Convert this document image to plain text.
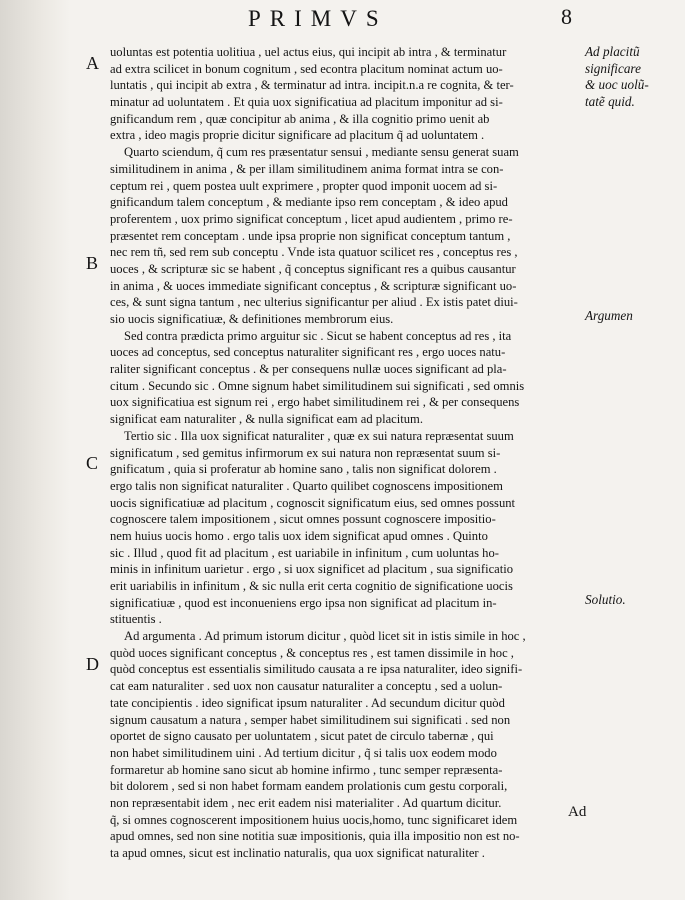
PRIMVS	8
A
B
C
D
Ad placitũ
significare
& uoc uolũ-
tatẽ quid.
Argumen
Solutio.
uoluntas est potentia uolitiua , uel actus eius, qui incipit ab intra , & terminatur
ad extra scilicet in bonum cognitum , sed econtra placitum nominat actum uo-
luntatis , qui incipit ab extra , & terminatur ad intra. incipit.n.a re cognita, & ter-
minatur ad uoluntatem . Et quia uox significatiua ad placitum imponitur ad si-
gnificandum rem , quæ concipitur ab anima , & illa cognitio primo uenit ab
extra , ideo magis proprie dicitur significare ad placitum q̃ ad uoluntatem .
Quarto sciendum, q̃ cum res præsentatur sensui , mediante sensu generat suam
similitudinem in anima , & per illam similitudinem anima format intra se con-
ceptum rei , quem postea uult exprimere , propter quod imponit uocem ad si-
gnificandum talem conceptum , & mediante ipso rem conceptam , & ideo apud
proferentem , uox primo significat conceptum , licet apud audientem , primo re-
præsentet rem conceptam . unde ipsa proprie non significat conceptum tantum ,
nec rem tñ, sed rem sub conceptu . Vnde ista quatuor scilicet res , conceptus res ,
uoces , & scripturæ sic se habent , q̃ conceptus significant res a quibus causantur
in anima , & uoces immediate significant conceptus , & scripturæ significant uo-
ces, & sunt signa tantum , nec ulterius significantur per aliud . Ex istis patet diui-
sio uocis significatiuæ, & definitiones membrorum eius.
Sed contra prædicta primo arguitur sic . Sicut se habent conceptus ad res , ita
uoces ad conceptus, sed conceptus naturaliter significant res , ergo uoces natu-
raliter significant conceptus . & per consequens nullæ uoces significant ad pla-
citum . Secundo sic . Omne signum habet similitudinem sui significati , sed omnis
uox significatiua est signum rei , ergo habet similitudinem rei , & per consequens
significat eam naturaliter , & nulla significat eam ad placitum.
Tertio sic . Illa uox significat naturaliter , quæ ex sui natura repræsentat suum
significatum , sed gemitus infirmorum ex sui natura non repræsentat suum si-
gnificatum , quia si proferatur ab homine sano , talis non significat dolorem .
ergo talis non significat naturaliter . Quarto quilibet cognoscens impositionem
uocis significatiuæ ad placitum , cognoscit significatum eius, sed omnes possunt
cognoscere talem impositionem , sicut omnes possunt cognoscere impositio-
nem huius uocis homo . ergo talis uox idem significat apud omnes . Quinto
sic . Illud , quod fit ad placitum , est uariabile in infinitum , cum uoluntas ho-
minis in infinitum uarietur . ergo , si uox significet ad placitum , sua significatio
erit uariabilis in infinitum , & sic nulla erit certa cognitio de significatione uocis
significatiuæ , quod est inconueniens ergo ipsa non significat ad placitum in-
stituentis .
Ad argumenta . Ad primum istorum dicitur , quòd licet sit in istis simile in hoc ,
quòd uoces significant conceptus , & conceptus res , est tamen dissimile in hoc ,
quòd conceptus est essentialis similitudo causata a re ipsa naturaliter, ideo signifi-
cat eam naturaliter . sed uox non causatur naturaliter a conceptu , sed a uolun-
tate concipientis . ideo significat ipsum naturaliter . Ad secundum dicitur quòd
signum causatum a natura , semper habet similitudinem sui significati . sed non
oportet de signo causato per uoluntatem , sicut patet de circulo tabernæ , qui
non habet similitudinem uini . Ad tertium dicitur , q̃ si talis uox eodem modo
formaretur ab homine sano sicut ab homine infirmo , tunc semper repræsenta-
bit dolorem , sed si non habet formam eandem prolationis cum gestu corporali,
non repræsentabit idem , nec erit eadem nisi materialiter . Ad quartum dicitur.
q̃, si omnes cognoscerent impositionem huius uocis,homo, tunc significaret idem
apud omnes, sed non sine notitia suæ impositionis, quia illa impositio non est no-
ta apud omnes, sicut est inclinatio naturalis, qua uox significat naturaliter .
Ad
